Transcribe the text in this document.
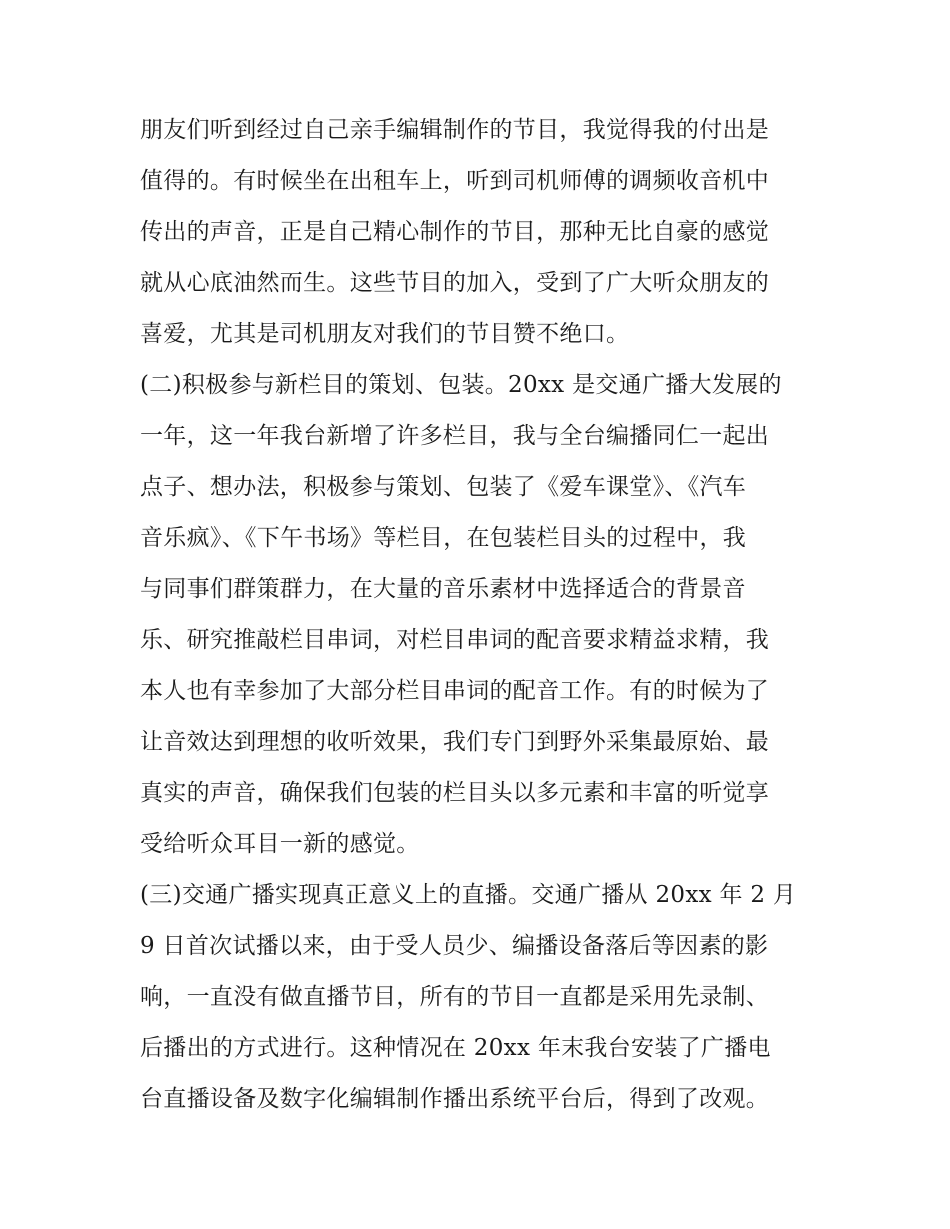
朋友们听到经过自己亲手编辑制作的节目，我觉得我的付出是
值得的。有时候坐在出租车上，听到司机师傅的调频收音机中
传出的声音，正是自己精心制作的节目，那种无比自豪的感觉
就从心底油然而生。这些节目的加入，受到了广大听众朋友的
喜爱，尤其是司机朋友对我们的节目赞不绝口。
(二)积极参与新栏目的策划、包装。20xx 是交通广播大发展的
一年，这一年我台新增了许多栏目，我与全台编播同仁一起出
点子、想办法，积极参与策划、包装了《爱车课堂》、《汽车
音乐疯》、《下午书场》等栏目，在包装栏目头的过程中，我
与同事们群策群力，在大量的音乐素材中选择适合的背景音
乐、研究推敲栏目串词，对栏目串词的配音要求精益求精，我
本人也有幸参加了大部分栏目串词的配音工作。有的时候为了
让音效达到理想的收听效果，我们专门到野外采集最原始、最
真实的声音，确保我们包装的栏目头以多元素和丰富的听觉享
受给听众耳目一新的感觉。
(三)交通广播实现真正意义上的直播。交通广播从 20xx 年 2 月
9 日首次试播以来，由于受人员少、编播设备落后等因素的影
响，一直没有做直播节目，所有的节目一直都是采用先录制、
后播出的方式进行。这种情况在 20xx 年末我台安装了广播电
台直播设备及数字化编辑制作播出系统平台后，得到了改观。
